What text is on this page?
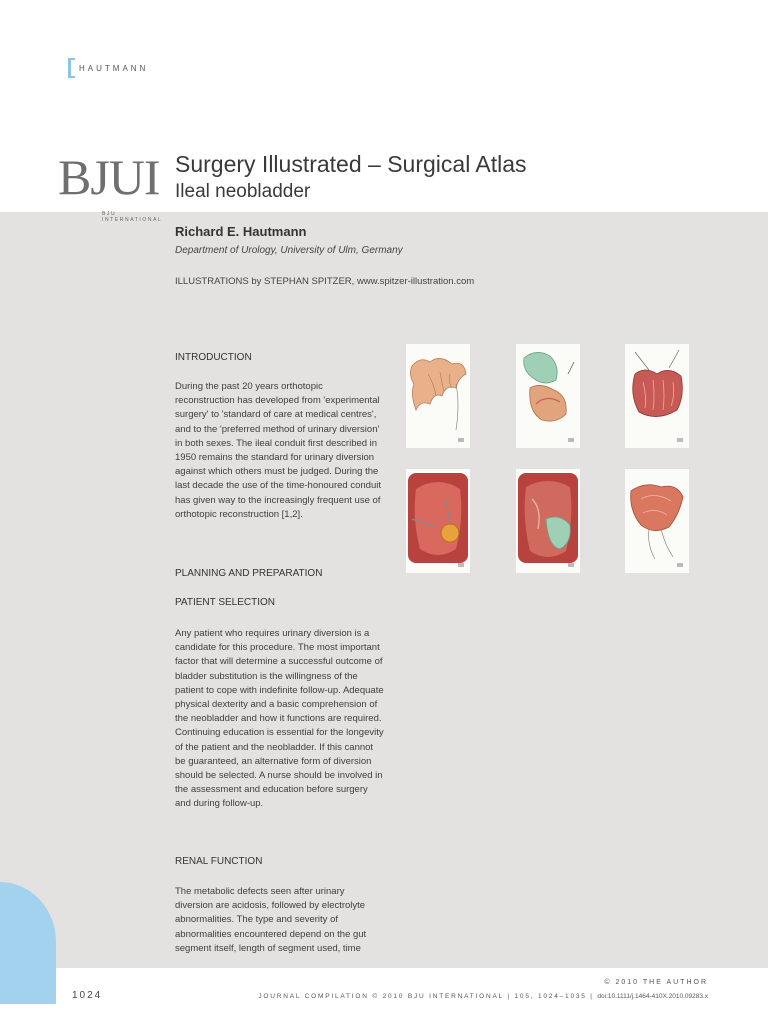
HAUTMANN
BJUI
BJU INTERNATIONAL
Surgery Illustrated – Surgical Atlas
Ileal neobladder
Richard E. Hautmann
Department of Urology, University of Ulm, Germany
ILLUSTRATIONS by STEPHAN SPITZER, www.spitzer-illustration.com
INTRODUCTION
During the past 20 years orthotopic reconstruction has developed from 'experimental surgery' to 'standard of care at medical centres', and to the 'preferred method of urinary diversion' in both sexes. The ileal conduit first described in 1950 remains the standard for urinary diversion against which others must be judged. During the last decade the use of the time-honoured conduit has given way to the increasingly frequent use of orthotopic reconstruction [1,2].
PLANNING AND PREPARATION
PATIENT SELECTION
Any patient who requires urinary diversion is a candidate for this procedure. The most important factor that will determine a successful outcome of bladder substitution is the willingness of the patient to cope with indefinite follow-up. Adequate physical dexterity and a basic comprehension of the neobladder and how it functions are required. Continuing education is essential for the longevity of the patient and the neobladder. If this cannot be guaranteed, an alternative form of diversion should be selected. A nurse should be involved in the assessment and education before surgery and during follow-up.
RENAL FUNCTION
The metabolic defects seen after urinary diversion are acidosis, followed by electrolyte abnormalities. The type and severity of abnormalities encountered depend on the gut segment itself, length of segment used, time
© 2010 THE AUTHOR
1024	JOURNAL COMPILATION © 2010 BJU INTERNATIONAL | 105, 1024–1035 | doi:10.1111/j.1464-410X.2010.09283.x
